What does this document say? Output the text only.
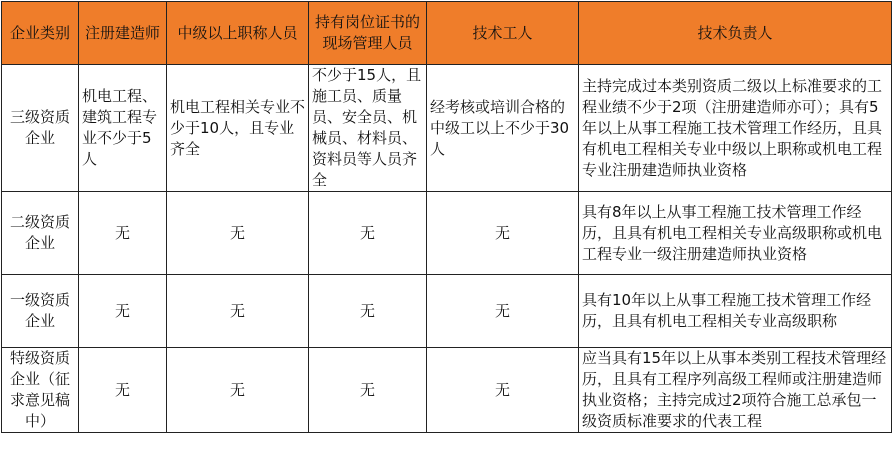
企业类别	注册建造师	中级以上职称人员	持有岗位证书的现场管理人员	技术工人	技术负责人
三级资质企业	机电工程、建筑工程专业不少于5人	机电工程相关专业不少于10人，且专业齐全	不少于15人，且施工员、质量员、安全员、机械员、材料员、资料员等人员齐全	经考核或培训合格的中级工以上不少于30人	主持完成过本类别资质二级以上标准要求的工程业绩不少于2项（注册建造师亦可）；具有5年以上从事工程施工技术管理工作经历，且具有机电工程相关专业中级以上职称或机电工程专业注册建造师执业资格
二级资质企业	无	无	无	无	具有8年以上从事工程施工技术管理工作经历，且具有机电工程相关专业高级职称或机电工程专业一级注册建造师执业资格
一级资质企业	无	无	无	无	具有10年以上从事工程施工技术管理工作经历，且具有机电工程相关专业高级职称
特级资质企业（征求意见稿中）	无	无	无	无	应当具有15年以上从事本类别工程技术管理经历，且具有工程序列高级工程师或注册建造师执业资格；主持完成过2项符合施工总承包一级资质标准要求的代表工程
